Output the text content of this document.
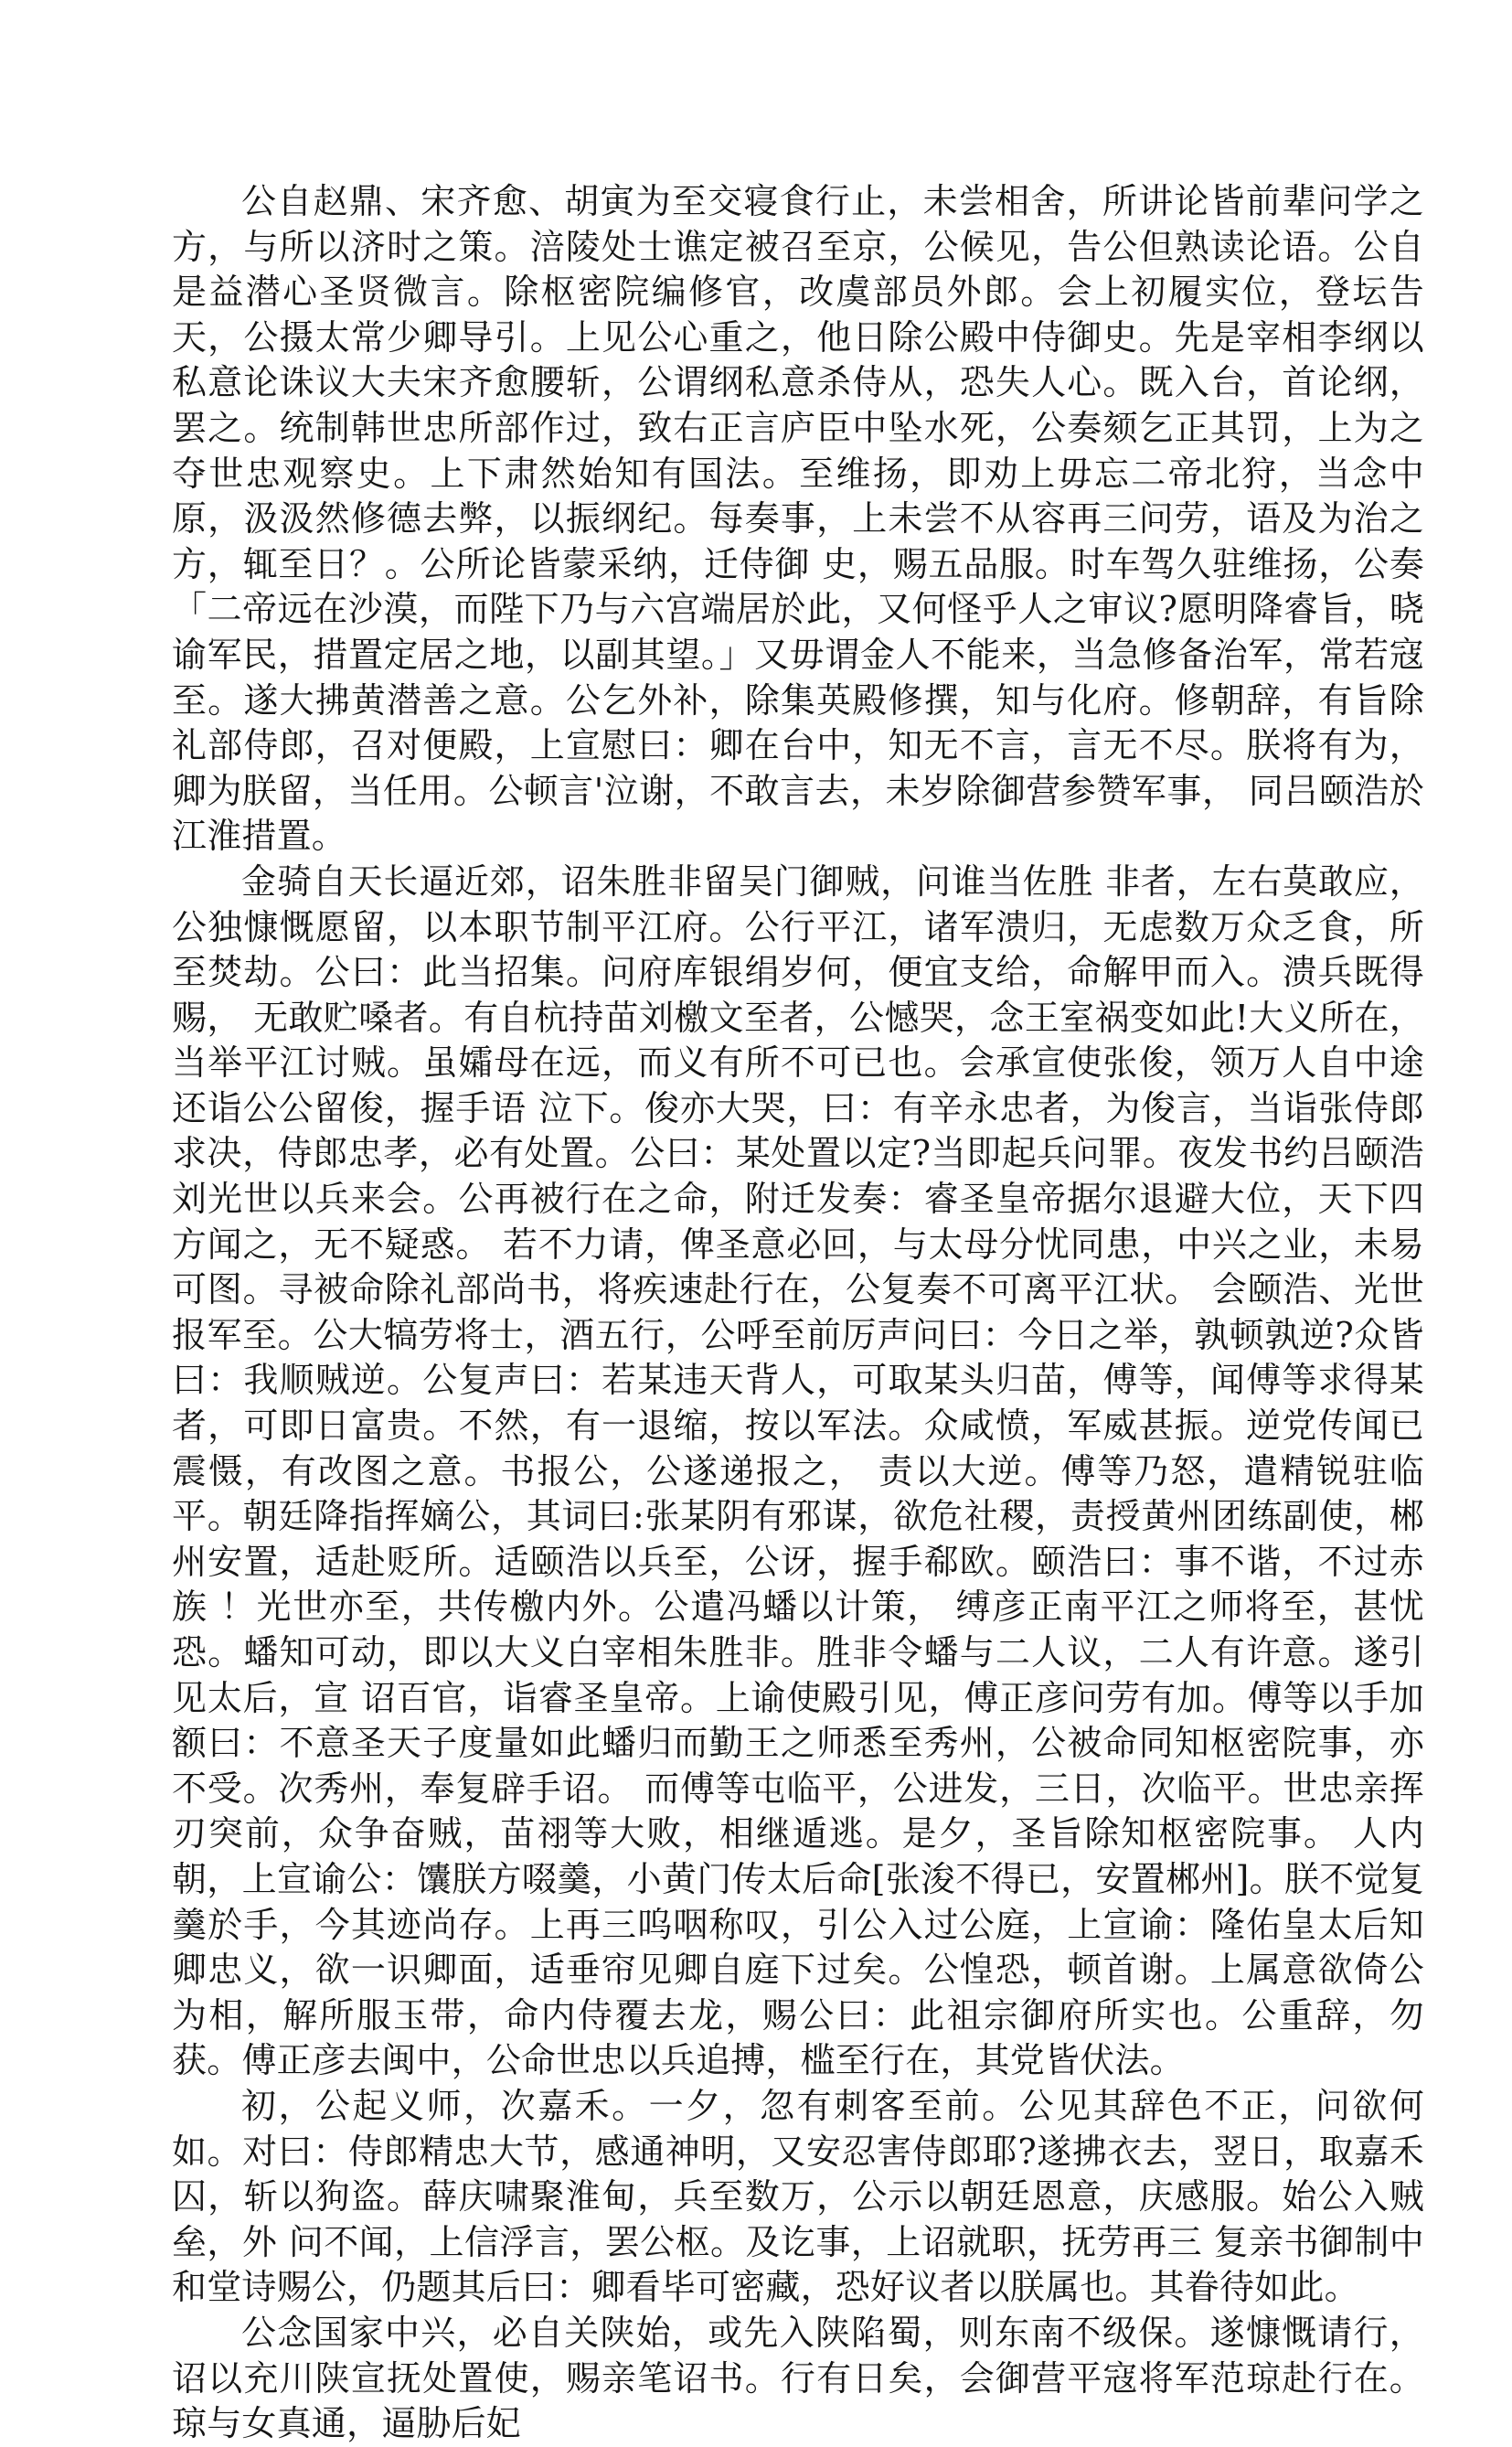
公自赵鼎、宋齐愈、胡寅为至交寝食行止，未尝相舍，所讲论皆前辈问学之方，与所以济时之策。涪陵处士谯定被召至京，公候见，告公但熟读论语。公自是益潜心圣贤微言。除枢密院编修官，改虞部员外郎。会上初履实位，登坛告天，公摄太常少卿导引。上见公心重之，他日除公殿中侍御史。先是宰相李纲以私意论诛议大夫宋齐愈腰斩，公谓纲私意杀侍从，恐失人心。既入台，首论纲，罢之。统制韩世忠所部作过，致右正言庐臣中坠水死，公奏颏乞正其罚，上为之夺世忠观察史。上下肃然始知有国法。至维扬，即劝上毋忘二帝北狩，当念中原，汲汲然修德去弊，以振纲纪。每奏事，上未尝不从容再三问劳，语及为治之方，辄至日？。公所论皆蒙采纳，迁侍御 史，赐五品服。时车驾久驻维扬，公奏「二帝远在沙漠，而陛下乃与六宫端居於此，又何怪乎人之审议?愿明降睿旨，晓谕军民，措置定居之地，以副其望。」又毋谓金人不能来，当急修备治军，常若寇至。遂大拂黄潜善之意。公乞外补，除集英殿修撰，知与化府。修朝辞，有旨除礼部侍郎，召对便殿，上宣慰曰：卿在台中，知无不言，言无不尽。朕将有为，卿为朕留，当任用。公顿言'泣谢，不敢言去，未岁除御营参赞军事， 同吕颐浩於江淮措置。

金骑自天长逼近郊，诏朱胜非留吴门御贼，问谁当佐胜 非者，左右莫敢应，公独慷慨愿留，以本职节制平江府。公行平江，诸军溃归，无虑数万众乏食，所至焚劫。公曰：此当招集。问府库银绢岁何，便宜支给，命解甲而入。溃兵既得赐， 无敢贮嗓者。有自杭持苗刘檄文至者，公憾哭，念王室祸变如此!大义所在，当举平江讨贼。虽孀母在远，而义有所不可已也。会承宣使张俊，领万人自中途还诣公公留俊，握手语 泣下。俊亦大哭，曰：有辛永忠者，为俊言，当诣张侍郎求决，侍郎忠孝，必有处置。公曰：某处置以定?当即起兵问罪。夜发书约吕颐浩刘光世以兵来会。公再被行在之命，附迁发奏：睿圣皇帝据尔退避大位，天下四方闻之，无不疑惑。 若不力请，俾圣意必回，与太母分忧同患，中兴之业，未易可图。寻被命除礼部尚书，将疾速赴行在，公复奏不可离平江状。 会颐浩、光世报军至。公大犒劳将士，酒五行，公呼至前厉声问曰：今日之举，孰顿孰逆?众皆曰：我顺贼逆。公复声曰：若某违天背人，可取某头归苗，傅等，闻傅等求得某者，可即日富贵。不然，有一退缩，按以军法。众咸愤，军威甚振。逆党传闻已震慑，有改图之意。书报公，公遂递报之， 责以大逆。傅等乃怒，遣精锐驻临平。朝廷降指挥嫡公，其词曰:张某阴有邪谋，欲危社稷，责授黄州团练副使，郴州安置，适赴贬所。适颐浩以兵至，公讶，握手郗欧。颐浩曰：事不谐，不过赤族 ！光世亦至，共传檄内外。公遣冯蟠以计策， 缚彦正南平江之师将至，甚忧恐。蟠知可动，即以大义白宰相朱胜非。胜非令蟠与二人议，二人有许意。遂引见太后，宣 诏百官，诣睿圣皇帝。上谕使殿引见，傅正彦问劳有加。傅等以手加额曰：不意圣天子度量如此蟠归而勤王之师悉至秀州，公被命同知枢密院事，亦不受。次秀州，奉复辟手诏。 而傅等屯临平，公进发，三日，次临平。世忠亲挥刃突前，众争奋贼，苗祤等大败，相继遁逃。是夕，圣旨除知枢密院事。 人内朝，上宣谕公：馕朕方啜羹，小黄门传太后命[张浚不得已，安置郴州]。朕不觉复羹於手，今其迹尚存。上再三呜咽称叹，引公入过公庭，上宣谕：隆佑皇太后知卿忠义，欲一识卿面，适垂帘见卿自庭下过矣。公惶恐，顿首谢。上属意欲倚公为相，解所服玉带，命内侍覆去龙，赐公曰：此祖宗御府所实也。公重辞，勿获。傅正彦去闽中，公命世忠以兵追搏，槛至行在，其党皆伏法。

初，公起义师，次嘉禾。一夕，忽有刺客至前。公见其辞色不正，问欲何如。对曰：侍郎精忠大节，感通神明，又安忍害侍郎耶?遂拂衣去，翌日，取嘉禾囚，斩以狗盗。薛庆啸聚淮甸，兵至数万，公示以朝廷恩意，庆感服。始公入贼垒，外 问不闻，上信浮言，罢公枢。及讫事，上诏就职，抚劳再三 复亲书御制中和堂诗赐公，仍题其后曰：卿看毕可密藏，恐好议者以朕属也。其眷待如此。

公念国家中兴，必自关陕始，或先入陕陷蜀，则东南不级保。遂慷慨请行，诏以充川陕宣抚处置使，赐亲笔诏书。行有日矣，会御营平寇将军范琼赴行在。琼与女真通，逼胁后妃
